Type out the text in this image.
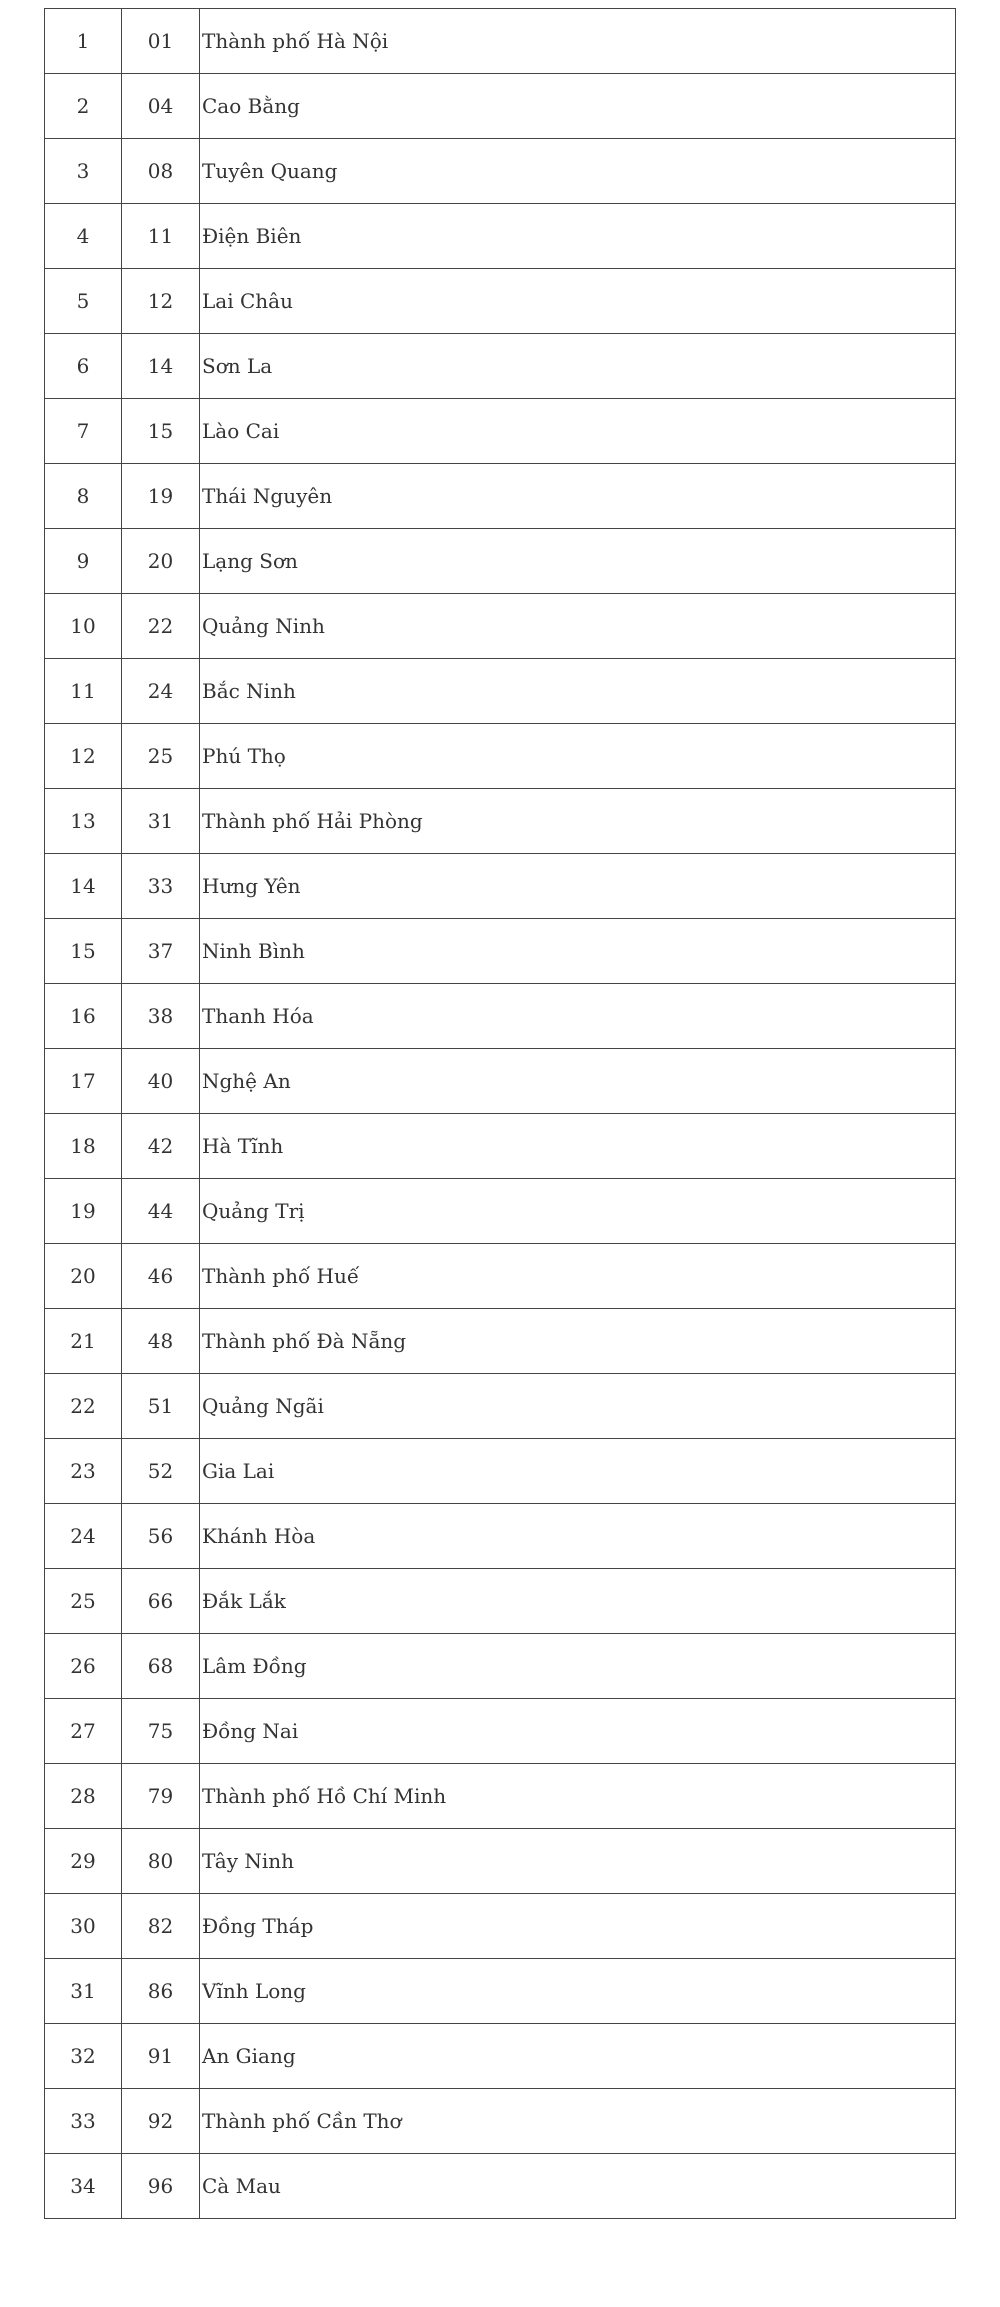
1	01	Thành phố Hà Nội
2	04	Cao Bằng
3	08	Tuyên Quang
4	11	Điện Biên
5	12	Lai Châu
6	14	Sơn La
7	15	Lào Cai
8	19	Thái Nguyên
9	20	Lạng Sơn
10	22	Quảng Ninh
11	24	Bắc Ninh
12	25	Phú Thọ
13	31	Thành phố Hải Phòng
14	33	Hưng Yên
15	37	Ninh Bình
16	38	Thanh Hóa
17	40	Nghệ An
18	42	Hà Tĩnh
19	44	Quảng Trị
20	46	Thành phố Huế
21	48	Thành phố Đà Nẵng
22	51	Quảng Ngãi
23	52	Gia Lai
24	56	Khánh Hòa
25	66	Đắk Lắk
26	68	Lâm Đồng
27	75	Đồng Nai
28	79	Thành phố Hồ Chí Minh
29	80	Tây Ninh
30	82	Đồng Tháp
31	86	Vĩnh Long
32	91	An Giang
33	92	Thành phố Cần Thơ
34	96	Cà Mau
